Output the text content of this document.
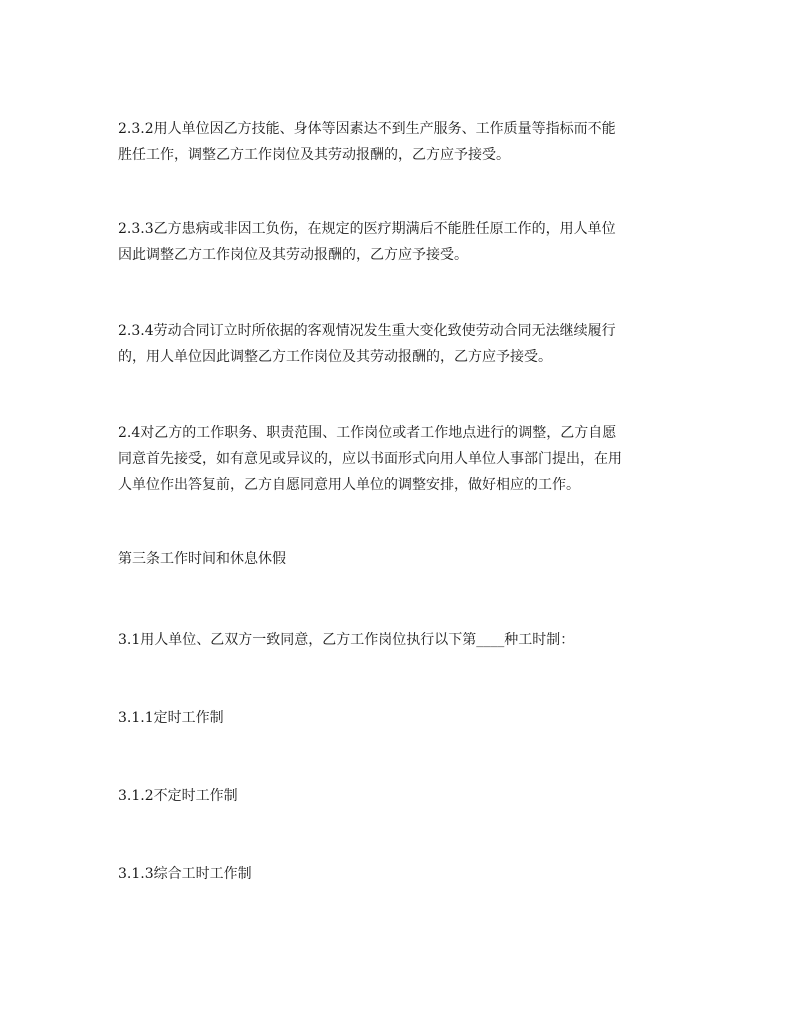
2.3.2用人单位因乙方技能、身体等因素达不到生产服务、工作质量等指标而不能
胜任工作，调整乙方工作岗位及其劳动报酬的，乙方应予接受。

2.3.3乙方患病或非因工负伤，在规定的医疗期满后不能胜任原工作的，用人单位
因此调整乙方工作岗位及其劳动报酬的，乙方应予接受。

2.3.4劳动合同订立时所依据的客观情况发生重大变化致使劳动合同无法继续履行
的，用人单位因此调整乙方工作岗位及其劳动报酬的，乙方应予接受。

2.4对乙方的工作职务、职责范围、工作岗位或者工作地点进行的调整，乙方自愿
同意首先接受，如有意见或异议的，应以书面形式向用人单位人事部门提出，在用
人单位作出答复前，乙方自愿同意用人单位的调整安排，做好相应的工作。

第三条工作时间和休息休假

3.1用人单位、乙双方一致同意，乙方工作岗位执行以下第____种工时制：

3.1.1定时工作制

3.1.2不定时工作制

3.1.3综合工时工作制
